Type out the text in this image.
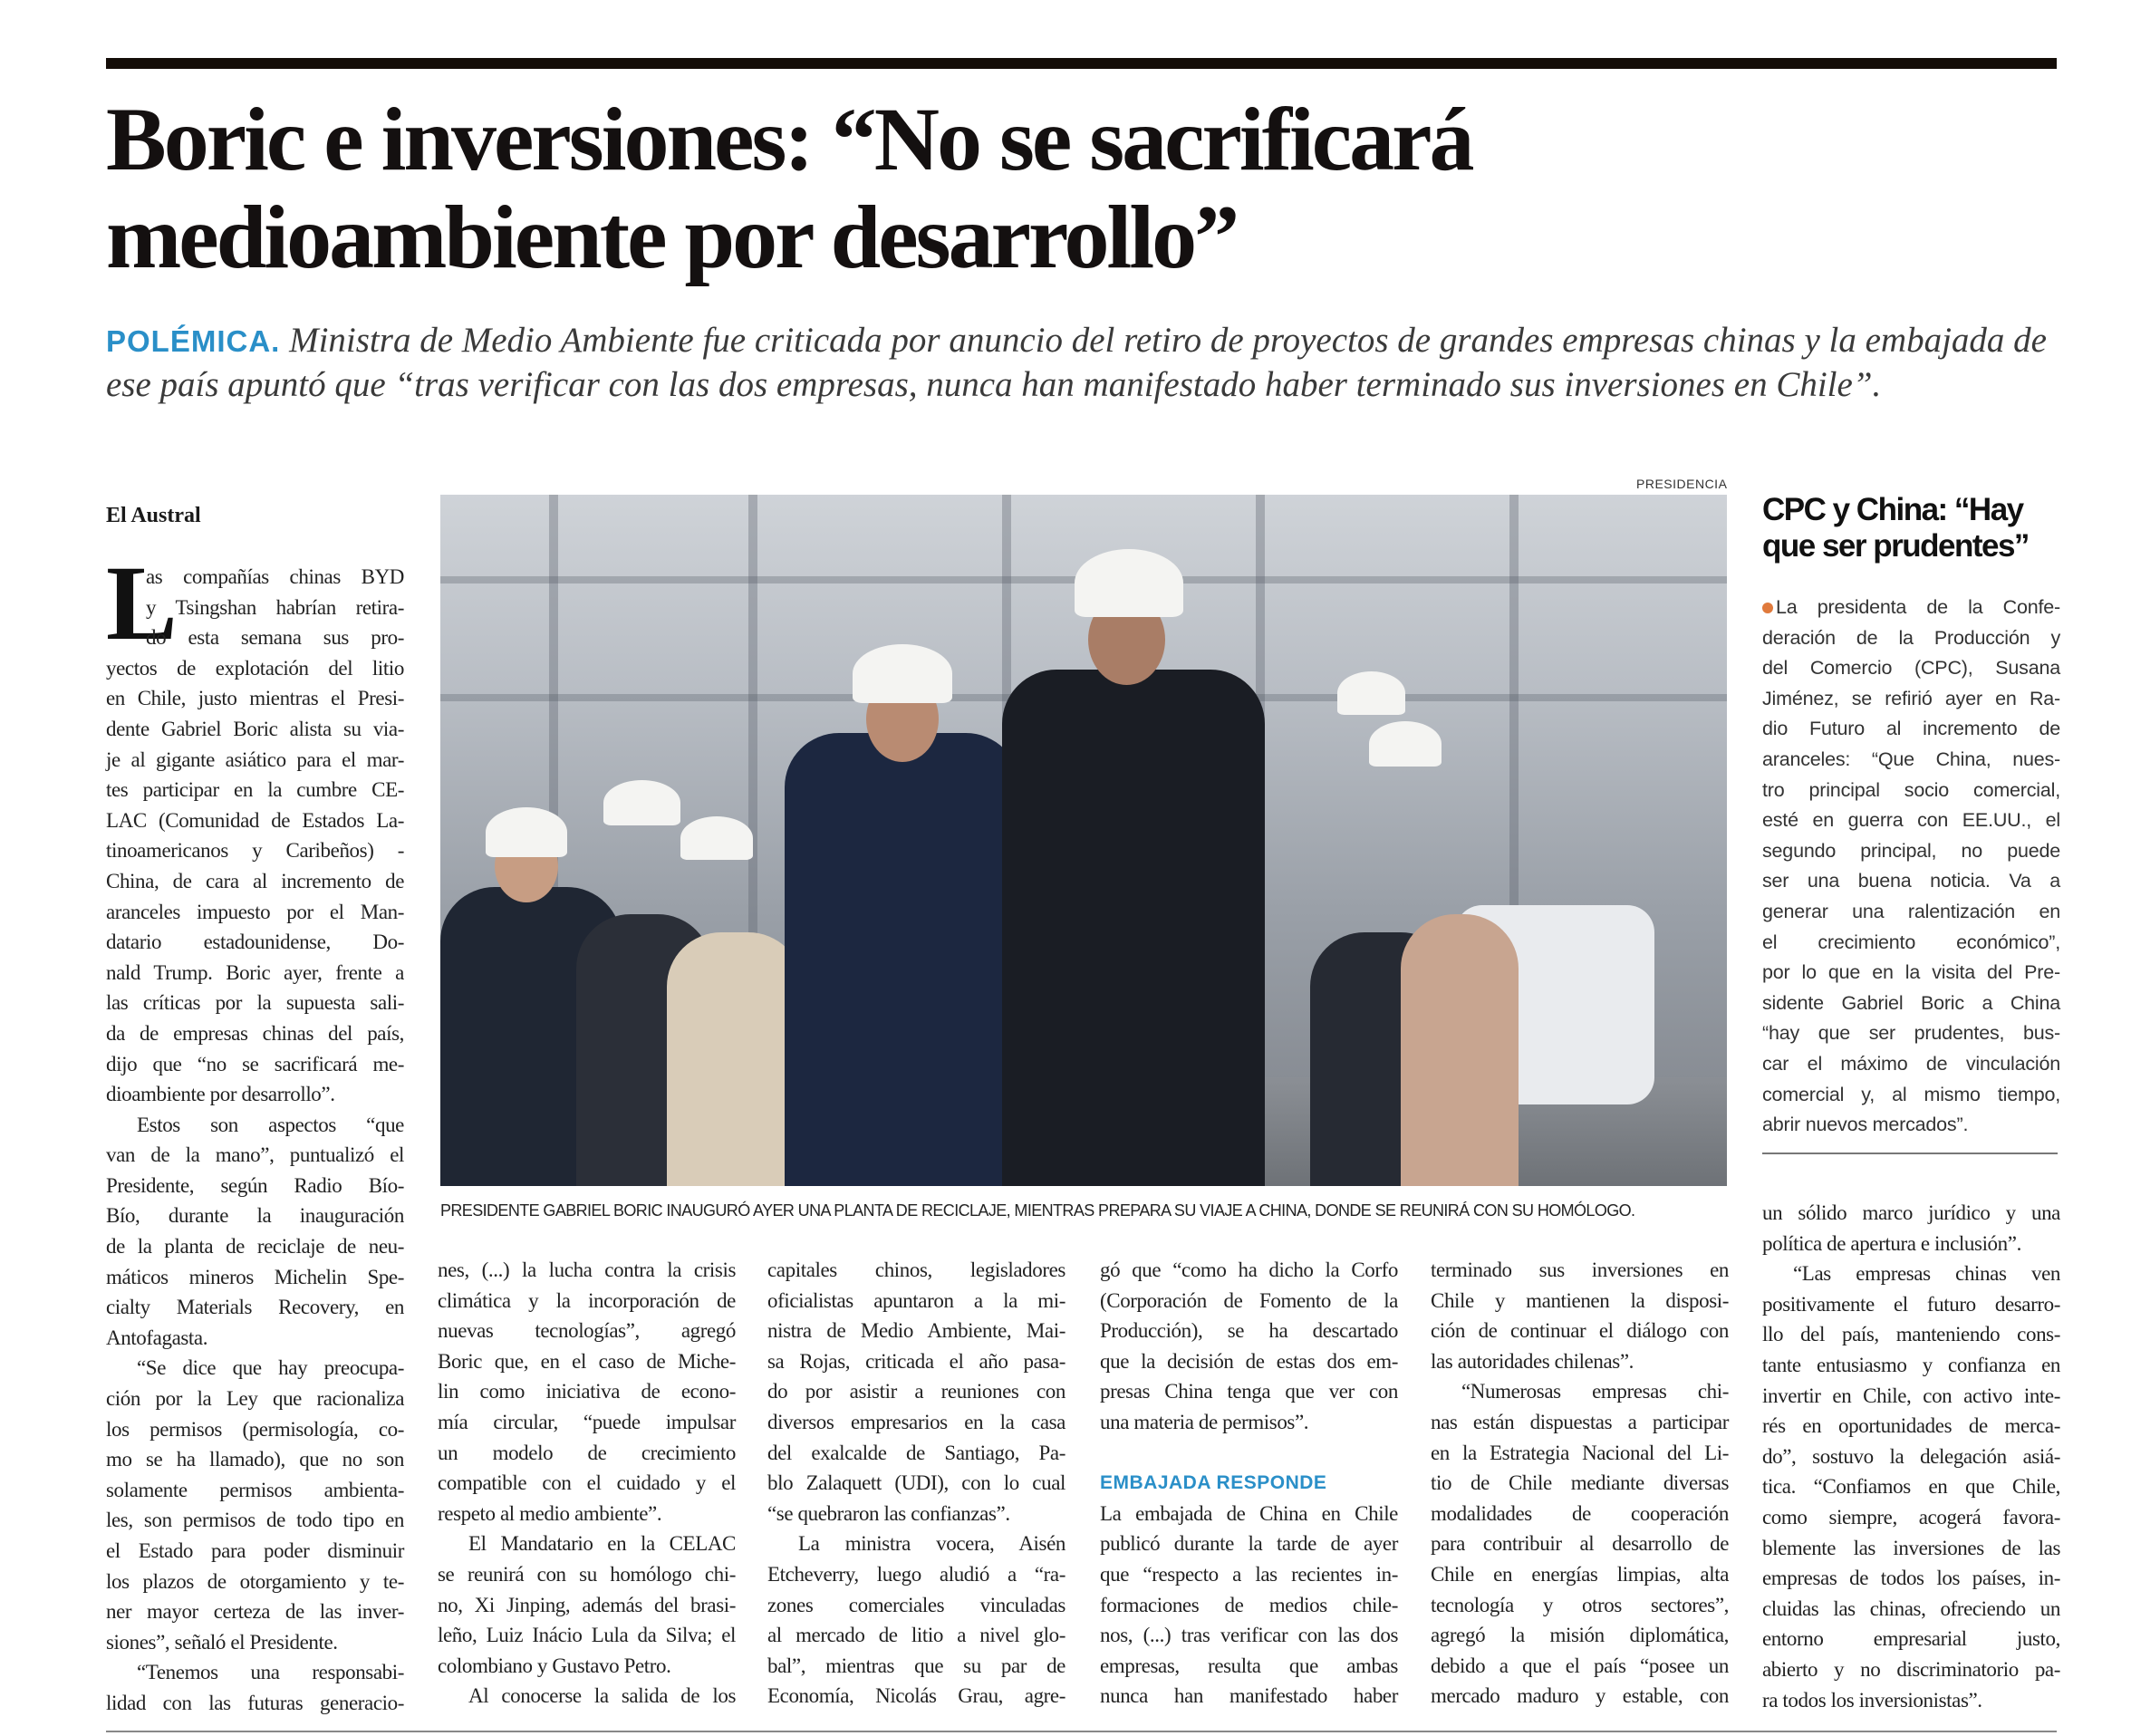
Boric e inversiones: “No se sacrificará
medioambiente por desarrollo”
POLÉMICA. Ministra de Medio Ambiente fue criticada por anuncio del retiro de proyectos de grandes empresas chinas y la embajada de ese país apuntó que “tras verificar con las dos empresas, nunca han manifestado haber terminado sus inversiones en Chile”.
PRESIDENCIA
PRESIDENTE GABRIEL BORIC INAUGURÓ AYER UNA PLANTA DE RECICLAJE, MIENTRAS PREPARA SU VIAJE A CHINA, DONDE SE REUNIRÁ CON SU HOMÓLOGO.
El Austral
L
as compañías chinas BYD
y Tsingshan habrían retira-
do esta semana sus pro-
yectos de explotación del litio
en Chile, justo mientras el Presi-
dente Gabriel Boric alista su via-
je al gigante asiático para el mar-
tes participar en la cumbre CE-
LAC (Comunidad de Estados La-
tinoamericanos y Caribeños) -
China, de cara al incremento de
aranceles impuesto por el Man-
datario estadounidense, Do-
nald Trump. Boric ayer, frente a
las críticas por la supuesta sali-
da de empresas chinas del país,
dijo que “no se sacrificará me-
dioambiente por desarrollo”.
Estos son aspectos “que
van de la mano”, puntualizó el
Presidente, según Radio Bío-
Bío, durante la inauguración
de la planta de reciclaje de neu-
máticos mineros Michelin Spe-
cialty Materials Recovery, en
Antofagasta.
“Se dice que hay preocupa-
ción por la Ley que racionaliza
los permisos (permisología, co-
mo se ha llamado), que no son
solamente permisos ambienta-
les, son permisos de todo tipo en
el Estado para poder disminuir
los plazos de otorgamiento y te-
ner mayor certeza de las inver-
siones”, señaló el Presidente.
“Tenemos una responsabi-
lidad con las futuras generacio-
nes, (...) la lucha contra la crisis
climática y la incorporación de
nuevas tecnologías”, agregó
Boric que, en el caso de Miche-
lin como iniciativa de econo-
mía circular, “puede impulsar
un modelo de crecimiento
compatible con el cuidado y el
respeto al medio ambiente”.
El Mandatario en la CELAC
se reunirá con su homólogo chi-
no, Xi Jinping, además del brasi-
leño, Luiz Inácio Lula da Silva; el
colombiano y Gustavo Petro.
Al conocerse la salida de los
capitales chinos, legisladores
oficialistas apuntaron a la mi-
nistra de Medio Ambiente, Mai-
sa Rojas, criticada el año pasa-
do por asistir a reuniones con
diversos empresarios en la casa
del exalcalde de Santiago, Pa-
blo Zalaquett (UDI), con lo cual
“se quebraron las confianzas”.
La ministra vocera, Aisén
Etcheverry, luego aludió a “ra-
zones comerciales vinculadas
al mercado de litio a nivel glo-
bal”, mientras que su par de
Economía, Nicolás Grau, agre-
gó que “como ha dicho la Corfo
(Corporación de Fomento de la
Producción), se ha descartado
que la decisión de estas dos em-
presas China tenga que ver con
una materia de permisos”.
EMBAJADA RESPONDE
La embajada de China en Chile
publicó durante la tarde de ayer
que “respecto a las recientes in-
formaciones de medios chile-
nos, (...) tras verificar con las dos
empresas, resulta que ambas
nunca han manifestado haber
terminado sus inversiones en
Chile y mantienen la disposi-
ción de continuar el diálogo con
las autoridades chilenas”.
“Numerosas empresas chi-
nas están dispuestas a participar
en la Estrategia Nacional del Li-
tio de Chile mediante diversas
modalidades de cooperación
para contribuir al desarrollo de
Chile en energías limpias, alta
tecnología y otros sectores”,
agregó la misión diplomática,
debido a que el país “posee un
mercado maduro y estable, con
un sólido marco jurídico y una
política de apertura e inclusión”.
“Las empresas chinas ven
positivamente el futuro desarro-
llo del país, manteniendo cons-
tante entusiasmo y confianza en
invertir en Chile, con activo inte-
rés en oportunidades de merca-
do”, sostuvo la delegación asiá-
tica. “Confiamos en que Chile,
como siempre, acogerá favora-
blemente las inversiones de las
empresas de todos los países, in-
cluidas las chinas, ofreciendo un
entorno empresarial justo,
abierto y no discriminatorio pa-
ra todos los inversionistas”.
CPC y China: “Hay que ser prudentes”
La presidenta de la Confe-
deración de la Producción y
del Comercio (CPC), Susana
Jiménez, se refirió ayer en Ra-
dio Futuro al incremento de
aranceles: “Que China, nues-
tro principal socio comercial,
esté en guerra con EE.UU., el
segundo principal, no puede
ser una buena noticia. Va a
generar una ralentización en
el crecimiento económico”,
por lo que en la visita del Pre-
sidente Gabriel Boric a China
“hay que ser prudentes, bus-
car el máximo de vinculación
comercial y, al mismo tiempo,
abrir nuevos mercados”.
